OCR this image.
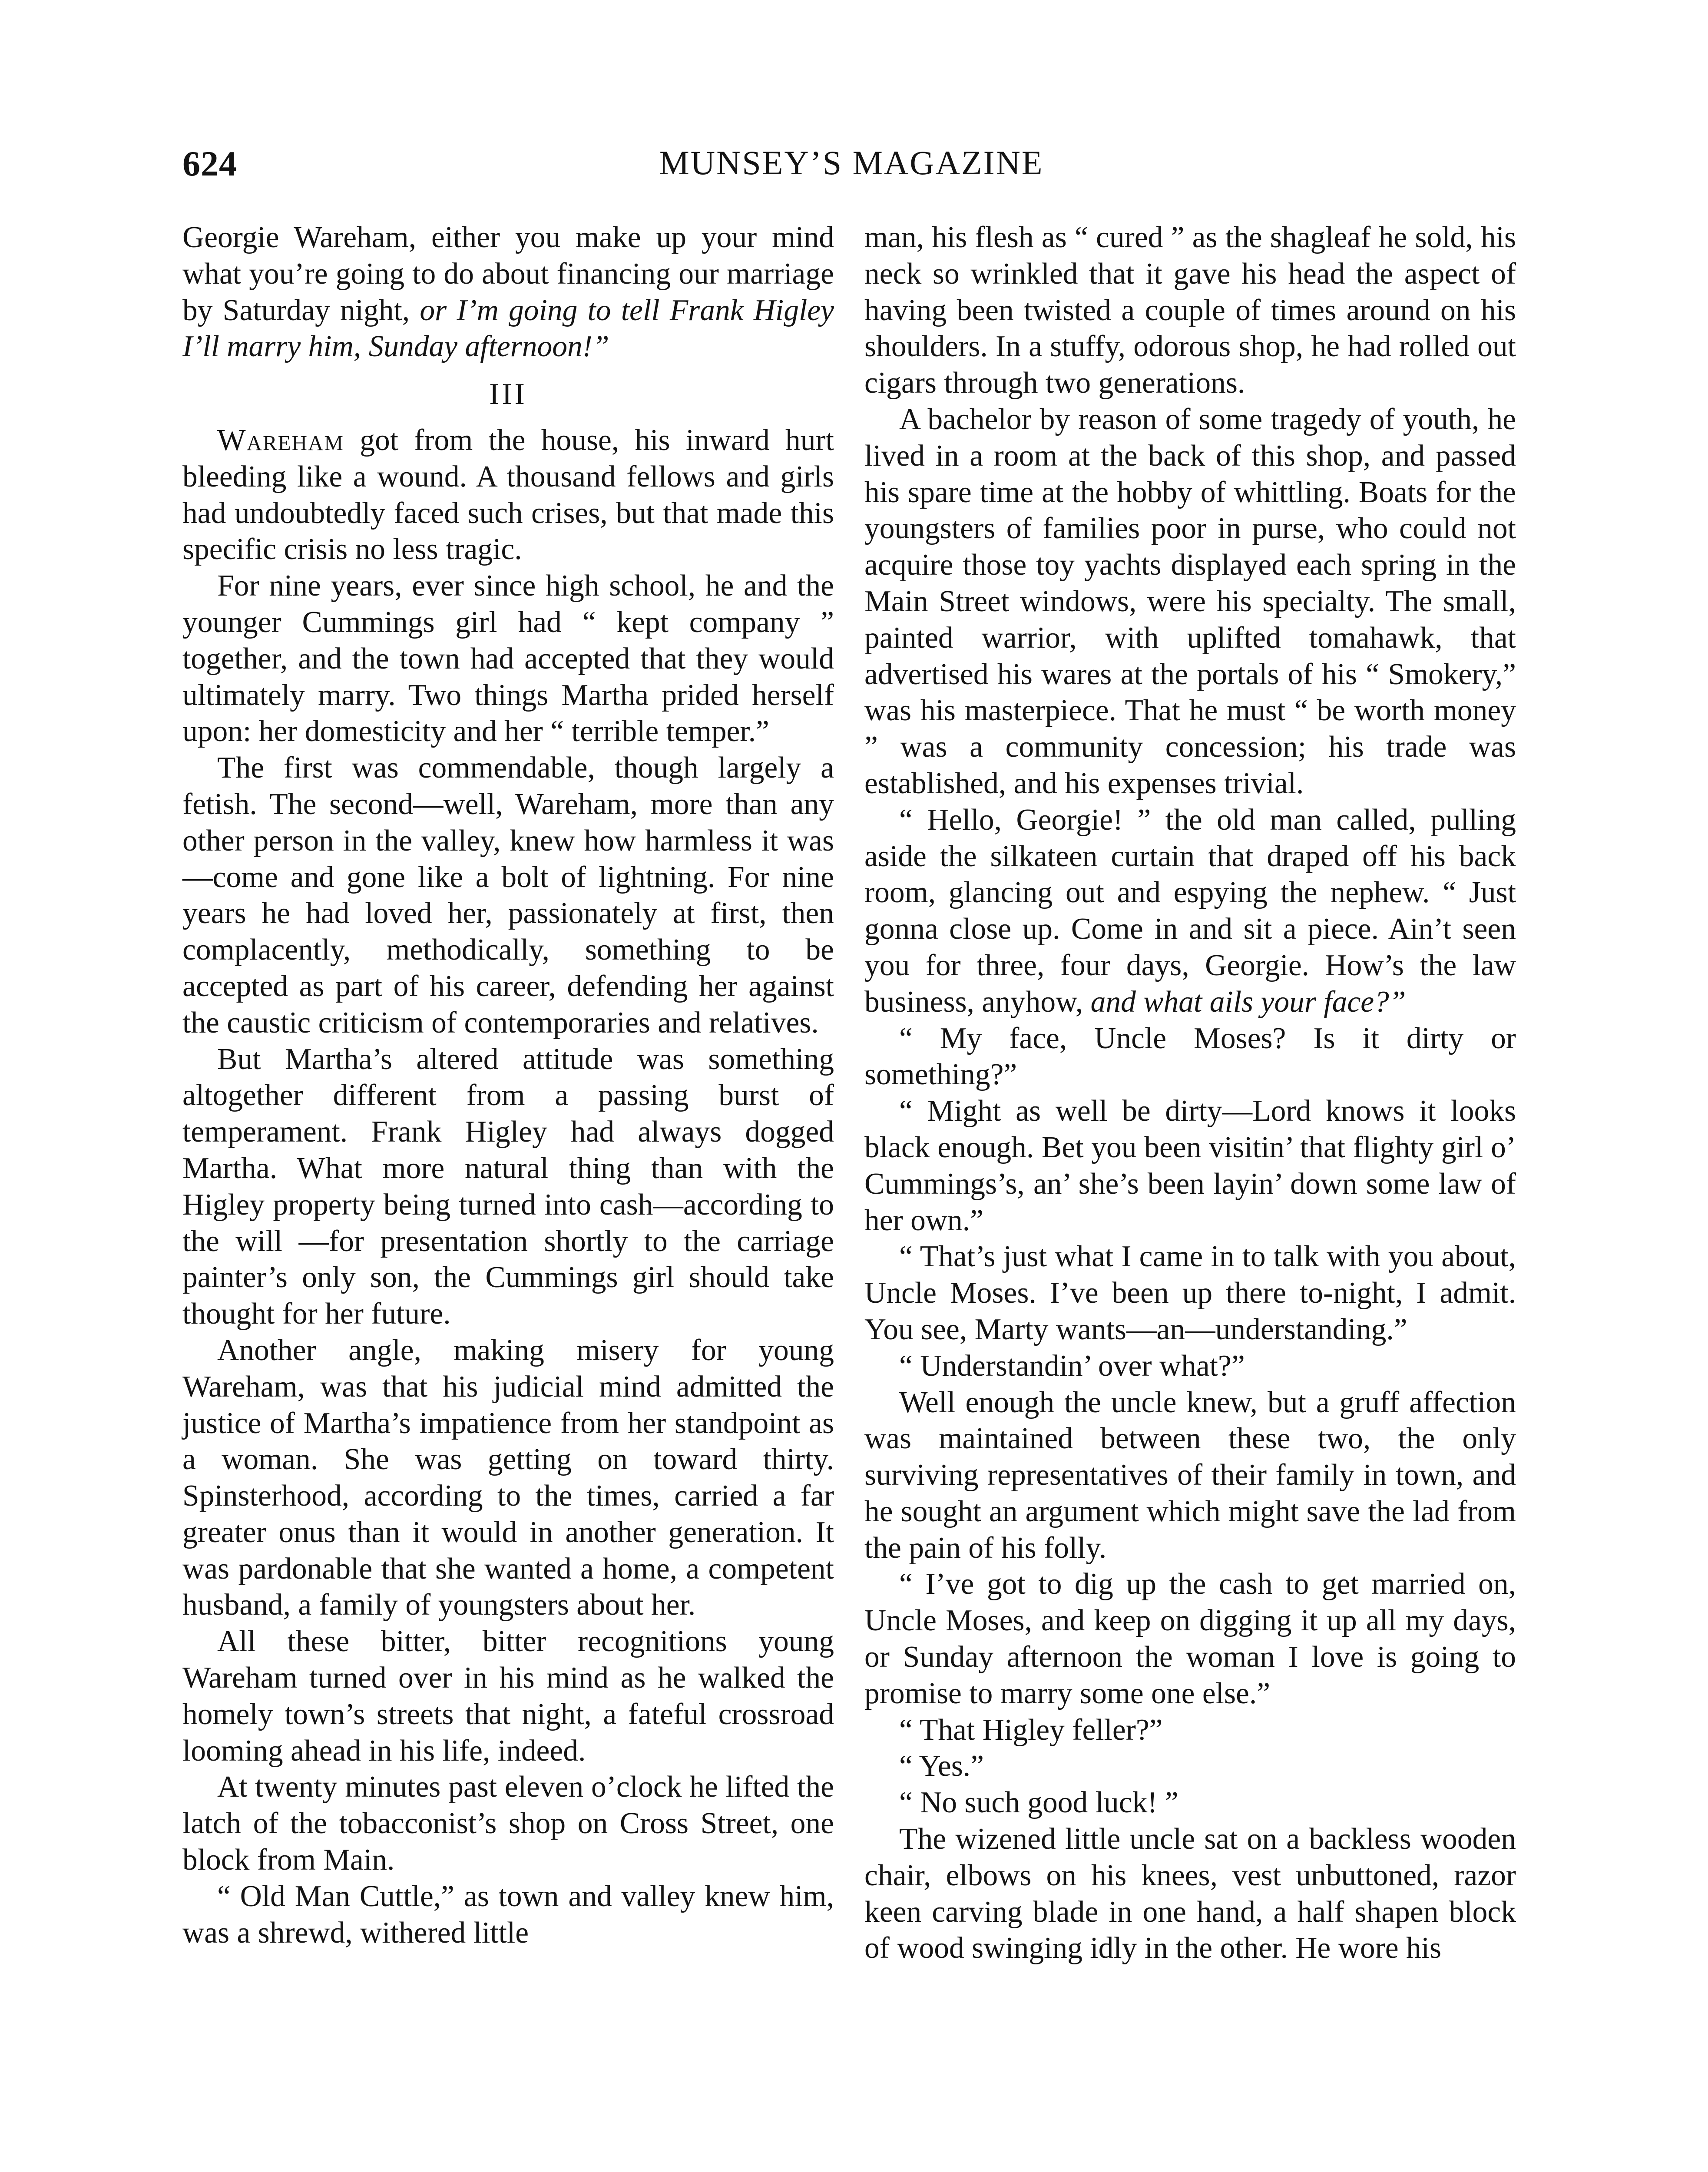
624	MUNSEY’S MAGAZINE

Georgie Wareham, either you make up your mind what you’re going to do about financing our marriage by Saturday night, or I’m going to tell Frank Higley I’ll marry him, Sunday afternoon!”

III

Wareham got from the house, his inward hurt bleeding like a wound. A thousand fellows and girls had undoubtedly faced such crises, but that made this specific crisis no less tragic.

For nine years, ever since high school, he and the younger Cummings girl had “ kept company ” together, and the town had accepted that they would ultimately marry. Two things Martha prided herself upon: her domesticity and her “ terrible temper.”

The first was commendable, though largely a fetish. The second—well, Wareham, more than any other person in the valley, knew how harmless it was—come and gone like a bolt of lightning. For nine years he had loved her, passionately at first, then complacently, methodically, something to be accepted as part of his career, defending her against the caustic criticism of contemporaries and relatives.

But Martha’s altered attitude was something altogether different from a passing burst of temperament. Frank Higley had always dogged Martha. What more natural thing than with the Higley property being turned into cash—according to the will —for presentation shortly to the carriage painter’s only son, the Cummings girl should take thought for her future.

Another angle, making misery for young Wareham, was that his judicial mind admitted the justice of Martha’s impatience from her standpoint as a woman. She was getting on toward thirty. Spinsterhood, according to the times, carried a far greater onus than it would in another generation. It was pardonable that she wanted a home, a competent husband, a family of youngsters about her.

All these bitter, bitter recognitions young Wareham turned over in his mind as he walked the homely town’s streets that night, a fateful crossroad looming ahead in his life, indeed.

At twenty minutes past eleven o’clock he lifted the latch of the tobacconist’s shop on Cross Street, one block from Main.

“ Old Man Cuttle,” as town and valley knew him, was a shrewd, withered little

man, his flesh as “ cured ” as the shagleaf he sold, his neck so wrinkled that it gave his head the aspect of having been twisted a couple of times around on his shoulders. In a stuffy, odorous shop, he had rolled out cigars through two generations.

A bachelor by reason of some tragedy of youth, he lived in a room at the back of this shop, and passed his spare time at the hobby of whittling. Boats for the youngsters of families poor in purse, who could not acquire those toy yachts displayed each spring in the Main Street windows, were his specialty. The small, painted warrior, with uplifted tomahawk, that advertised his wares at the portals of his “ Smokery,” was his masterpiece. That he must “ be worth money ” was a community concession; his trade was established, and his expenses trivial.

“ Hello, Georgie! ” the old man called, pulling aside the silkateen curtain that draped off his back room, glancing out and espying the nephew. “ Just gonna close up. Come in and sit a piece. Ain’t seen you for three, four days, Georgie. How’s the law business, anyhow, and what ails your face?”

“ My face, Uncle Moses? Is it dirty or something?”

“ Might as well be dirty—Lord knows it looks black enough. Bet you been visitin’ that flighty girl o’ Cummings’s, an’ she’s been layin’ down some law of her own.”

“ That’s just what I came in to talk with you about, Uncle Moses. I’ve been up there to-night, I admit. You see, Marty wants—an—understanding.”

“ Understandin’ over what?”

Well enough the uncle knew, but a gruff affection was maintained between these two, the only surviving representatives of their family in town, and he sought an argument which might save the lad from the pain of his folly.

“ I’ve got to dig up the cash to get married on, Uncle Moses, and keep on digging it up all my days, or Sunday afternoon the woman I love is going to promise to marry some one else.”

“ That Higley feller?”

“ Yes.”

“ No such good luck! ”

The wizened little uncle sat on a backless wooden chair, elbows on his knees, vest unbuttoned, razor keen carving blade in one hand, a half shapen block of wood swinging idly in the other. He wore his
